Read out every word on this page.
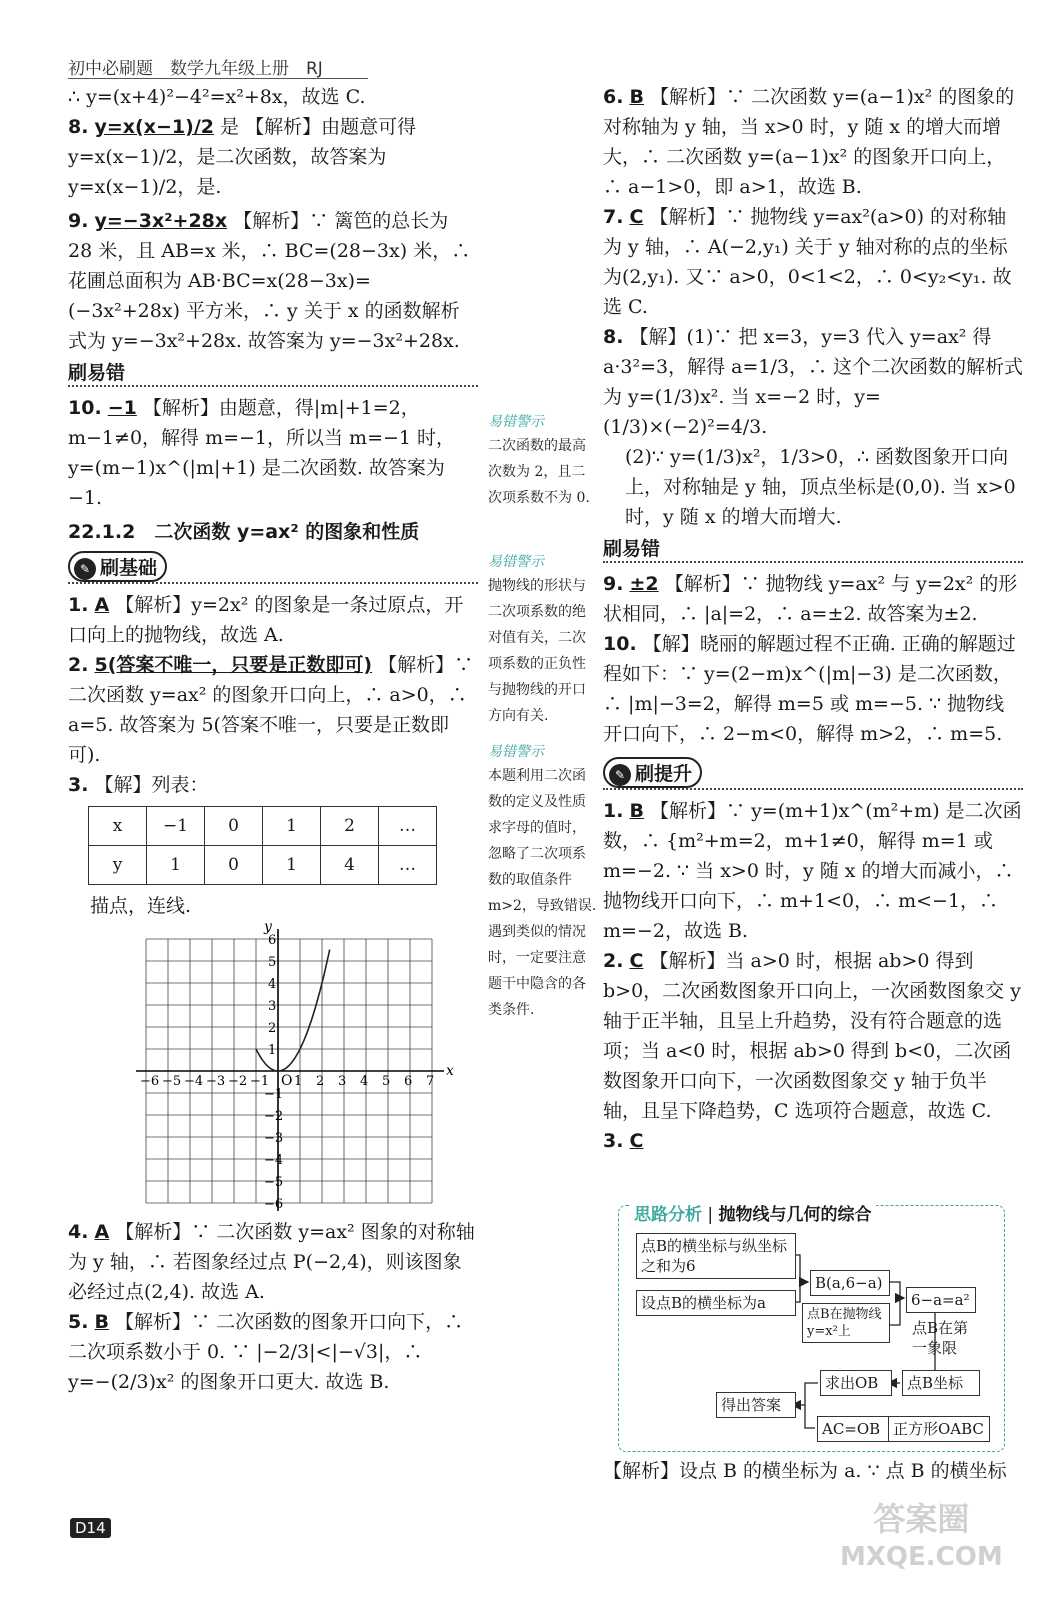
初中必刷题　数学九年级上册　RJ

∴ y=(x+4)²−4²=x²+8x，故选 C.

8. y=x(x−1)/2 是 【解析】由题意可得 y=x(x−1)/2，是二次函数，故答案为 y=x(x−1)/2，是.

9. y=−3x²+28x 【解析】∵ 篱笆的总长为 28 米，且 AB=x 米，∴ BC=(28−3x) 米，∴ 花圃总面积为 AB·BC=x(28−3x)=(−3x²+28x) 平方米，∴ y 关于 x 的函数解析式为 y=−3x²+28x. 故答案为 y=−3x²+28x.

刷易错

10. −1 【解析】由题意，得|m|+1=2，m−1≠0，解得 m=−1，所以当 m=−1 时，y=(m−1)x^(|m|+1) 是二次函数. 故答案为−1.

22.1.2　二次函数 y=ax² 的图象和性质

✎ 刷基础

1. A 【解析】y=2x² 的图象是一条过原点，开口向上的抛物线，故选 A.

2. 5(答案不唯一，只要是正数即可) 【解析】∵ 二次函数 y=ax² 的图象开口向上，∴ a>0，∴ a=5. 故答案为 5(答案不唯一，只要是正数即可).

3. 【解】列表：

x	−1	0	1	2	…
y	1	0	1	4	…

描点，连线.

−6 −5 −4 −3 −2 −1 1 2 3 4 5 6 7
6
5
4
3
2
1
−1
−2
−3
−4
−5
−6
x
y
O

4. A 【解析】∵ 二次函数 y=ax² 图象的对称轴为 y 轴，∴ 若图象经过点 P(−2,4)，则该图象必经过点(2,4). 故选 A.

5. B 【解析】∵ 二次函数的图象开口向下，∴ 二次项系数小于 0. ∵ |−2/3|<|−√3|，∴ y=−(2/3)x² 的图象开口更大. 故选 B.

易错警示

二次函数的最高次数为 2，且二次项系数不为 0.

易错警示

抛物线的形状与二次项系数的绝对值有关，二次项系数的正负性与抛物线的开口方向有关.

易错警示

本题利用二次函数的定义及性质求字母的值时，忽略了二次项系数的取值条件 m>2，导致错误. 遇到类似的情况时，一定要注意题干中隐含的各类条件.

6. B 【解析】∵ 二次函数 y=(a−1)x² 的图象的对称轴为 y 轴，当 x>0 时，y 随 x 的增大而增大，∴ 二次函数 y=(a−1)x² 的图象开口向上，∴ a−1>0，即 a>1，故选 B.

7. C 【解析】∵ 抛物线 y=ax²(a>0) 的对称轴为 y 轴，∴ A(−2,y₁) 关于 y 轴对称的点的坐标为(2,y₁). 又∵ a>0，0<1<2，∴ 0<y₂<y₁. 故选 C.

8. 【解】(1)∵ 把 x=3，y=3 代入 y=ax² 得 a·3²=3，解得 a=1/3，∴ 这个二次函数的解析式为 y=(1/3)x². 当 x=−2 时，y=(1/3)×(−2)²=4/3.

(2)∵ y=(1/3)x²，1/3>0，∴ 函数图象开口向上，对称轴是 y 轴，顶点坐标是(0,0). 当 x>0 时，y 随 x 的增大而增大.

刷易错

9. ±2 【解析】∵ 抛物线 y=ax² 与 y=2x² 的形状相同，∴ |a|=2，∴ a=±2. 故答案为±2.

10. 【解】晓丽的解题过程不正确. 正确的解题过程如下：∵ y=(2−m)x^(|m|−3) 是二次函数，∴ |m|−3=2，解得 m=5 或 m=−5. ∵ 抛物线开口向下，∴ 2−m<0，解得 m>2，∴ m=5.

✎ 刷提升

1. B 【解析】∵ y=(m+1)x^(m²+m) 是二次函数，∴ {m²+m=2，m+1≠0，解得 m=1 或 m=−2. ∵ 当 x>0 时，y 随 x 的增大而减小，∴ 抛物线开口向下，∴ m+1<0，∴ m<−1，∴ m=−2，故选 B.

2. C 【解析】当 a>0 时，根据 ab>0 得到 b>0，二次函数图象开口向上，一次函数图象交 y 轴于正半轴，且呈上升趋势，没有符合题意的选项；当 a<0 时，根据 ab>0 得到 b<0，二次函数图象开口向下，一次函数图象交 y 轴于负半轴，且呈下降趋势，C 选项符合题意，故选 C.

3. C

思路分析 | 抛物线与几何的综合
点B的横坐标与纵坐标之和为6
设点B的横坐标为a
B(a,6−a)
点B在抛物线y=x²上
6−a=a²
点B在第一象限
求出OB	点B坐标
得出答案
AC=OB 正方形OABC

【解析】设点 B 的横坐标为 a. ∵ 点 B 的横坐标

D14	答案圈
MXQE.COM
